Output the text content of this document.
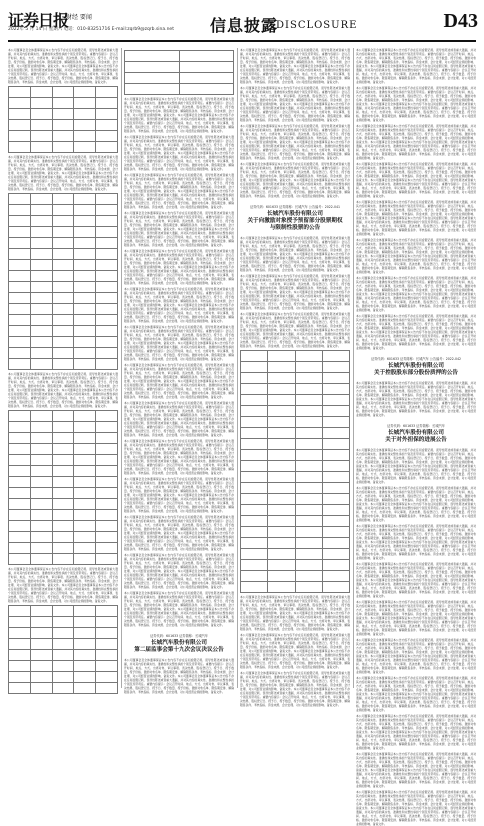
证券日报
财经 要闻
2022年 5 月 14 日 星期六 电话：010-83251716 E-mail:zqrb9@zqrb.sina.net 信息披露
DISCLOSURE	D43

本公司董事会及全体董事保证本公告内容不存在任何虚假记载、误导性陈述或者重大遗漏，并对其内容的真实性、准确性和完整性承担个别及连带责任。重要内容提示：会议召开时间、地点、方式、出席对象、审议事项、表决结果、股权登记日、授予日、授予数量、授予价格、激励对象名单、限售期安排、解除限售条件、考核指标、资金来源、会计处理、对公司经营业绩的影响、备查文件。本公司董事会及全体董事保证本公告内容不存在任何虚假记载、误导性陈述或者重大遗漏，并对其内容的真实性、准确性和完整性承担个别及连带责任。重要内容提示：会议召开时间、地点、方式、出席对象、审议事项、表决结果、股权登记日、授予日、授予数量、授予价格、激励对象名单、限售期安排、解除限售条件、考核指标、资金来源、会计处理、对公司经营业绩的影响、备查文件。

本公司董事会及全体董事保证本公告内容不存在任何虚假记载、误导性陈述或者重大遗漏，并对其内容的真实性、准确性和完整性承担个别及连带责任。重要内容提示：会议召开时间、地点、方式、出席对象、审议事项、表决结果、股权登记日、授予日、授予数量、授予价格、激励对象名单、限售期安排、解除限售条件、考核指标、资金来源、会计处理、对公司经营业绩的影响、备查文件。本公司董事会及全体董事保证本公告内容不存在任何虚假记载、误导性陈述或者重大遗漏，并对其内容的真实性、准确性和完整性承担个别及连带责任。重要内容提示：会议召开时间、地点、方式、出席对象、审议事项、表决结果、股权登记日、授予日、授予数量、授予价格、激励对象名单、限售期安排、解除限售条件、考核指标、资金来源、会计处理、对公司经营业绩的影响、备查文件。

本公司董事会及全体董事保证本公告内容不存在任何虚假记载、误导性陈述或者重大遗漏，并对其内容的真实性、准确性和完整性承担个别及连带责任。重要内容提示：会议召开时间、地点、方式、出席对象、审议事项、表决结果、股权登记日、授予日、授予数量、授予价格、激励对象名单、限售期安排、解除限售条件、考核指标、资金来源、会计处理、对公司经营业绩的影响、备查文件。本公司董事会及全体董事保证本公告内容不存在任何虚假记载、误导性陈述或者重大遗漏，并对其内容的真实性、准确性和完整性承担个别及连带责任。重要内容提示：会议召开时间、地点、方式、出席对象、审议事项、表决结果、股权登记日、授予日、授予数量、授予价格、激励对象名单、限售期安排、解除限售条件、考核指标、资金来源、会计处理、对公司经营业绩的影响、备查文件。

本公司董事会及全体董事保证本公告内容不存在任何虚假记载、误导性陈述或者重大遗漏，并对其内容的真实性、准确性和完整性承担个别及连带责任。重要内容提示：会议召开时间、地点、方式、出席对象、审议事项、表决结果、股权登记日、授予日、授予数量、授予价格、激励对象名单、限售期安排、解除限售条件、考核指标、资金来源、会计处理、对公司经营业绩的影响、备查文件。本公司董事会及全体董事保证本公告内容不存在任何虚假记载、误导性陈述或者重大遗漏，并对其内容的真实性、准确性和完整性承担个别及连带责任。重要内容提示：会议召开时间、地点、方式、出席对象、审议事项、表决结果、股权登记日、授予日、授予数量、授予价格、激励对象名单、限售期安排、解除限售条件、考核指标、资金来源、会计处理、对公司经营业绩的影响、备查文件。

本公司董事会及全体董事保证本公告内容不存在任何虚假记载、误导性陈述或者重大遗漏，并对其内容的真实性、准确性和完整性承担个别及连带责任。重要内容提示：会议召开时间、地点、方式、出席对象、审议事项、表决结果、股权登记日、授予日、授予数量、授予价格、激励对象名单、限售期安排、解除限售条件、考核指标、资金来源、会计处理、对公司经营业绩的影响、备查文件。本公司董事会及全体董事保证本公告内容不存在任何虚假记载、误导性陈述或者重大遗漏，并对其内容的真实性、准确性和完整性承担个别及连带责任。重要内容提示：会议召开时间、地点、方式、出席对象、审议事项、表决结果、股权登记日、授予日、授予数量、授予价格、激励对象名单、限售期安排、解除限售条件、考核指标、资金来源、会计处理、对公司经营业绩的影响、备查文件。

本公司董事会及全体董事保证本公告内容不存在任何虚假记载、误导性陈述或者重大遗漏，并对其内容的真实性、准确性和完整性承担个别及连带责任。重要内容提示：会议召开时间、地点、方式、出席对象、审议事项、表决结果、股权登记日、授予日、授予数量、授予价格、激励对象名单、限售期安排、解除限售条件、考核指标、资金来源、会计处理、对公司经营业绩的影响、备查文件。本公司董事会及全体董事保证本公告内容不存在任何虚假记载、误导性陈述或者重大遗漏，并对其内容的真实性、准确性和完整性承担个别及连带责任。重要内容提示：会议召开时间、地点、方式、出席对象、审议事项、表决结果、股权登记日、授予日、授予数量、授予价格、激励对象名单、限售期安排、解除限售条件、考核指标、资金来源、会计处理、对公司经营业绩的影响、备查文件。

本公司董事会及全体董事保证本公告内容不存在任何虚假记载、误导性陈述或者重大遗漏，并对其内容的真实性、准确性和完整性承担个别及连带责任。重要内容提示：会议召开时间、地点、方式、出席对象、审议事项、表决结果、股权登记日、授予日、授予数量、授予价格、激励对象名单、限售期安排、解除限售条件、考核指标、资金来源、会计处理、对公司经营业绩的影响、备查文件。本公司董事会及全体董事保证本公告内容不存在任何虚假记载、误导性陈述或者重大遗漏，并对其内容的真实性、准确性和完整性承担个别及连带责任。重要内容提示：会议召开时间、地点、方式、出席对象、审议事项、表决结果、股权登记日、授予日、授予数量、授予价格、激励对象名单、限售期安排、解除限售条件、考核指标、资金来源、会计处理、对公司经营业绩的影响、备查文件。

本公司董事会及全体董事保证本公告内容不存在任何虚假记载、误导性陈述或者重大遗漏，并对其内容的真实性、准确性和完整性承担个别及连带责任。重要内容提示：会议召开时间、地点、方式、出席对象、审议事项、表决结果、股权登记日、授予日、授予数量、授予价格、激励对象名单、限售期安排、解除限售条件、考核指标、资金来源、会计处理、对公司经营业绩的影响、备查文件。本公司董事会及全体董事保证本公告内容不存在任何虚假记载、误导性陈述或者重大遗漏，并对其内容的真实性、准确性和完整性承担个别及连带责任。重要内容提示：会议召开时间、地点、方式、出席对象、审议事项、表决结果、股权登记日、授予日、授予数量、授予价格、激励对象名单、限售期安排、解除限售条件、考核指标、资金来源、会计处理、对公司经营业绩的影响、备查文件。

本公司董事会及全体董事保证本公告内容不存在任何虚假记载、误导性陈述或者重大遗漏，并对其内容的真实性、准确性和完整性承担个别及连带责任。重要内容提示：会议召开时间、地点、方式、出席对象、审议事项、表决结果、股权登记日、授予日、授予数量、授予价格、激励对象名单、限售期安排、解除限售条件、考核指标、资金来源、会计处理、对公司经营业绩的影响、备查文件。本公司董事会及全体董事保证本公告内容不存在任何虚假记载、误导性陈述或者重大遗漏，并对其内容的真实性、准确性和完整性承担个别及连带责任。重要内容提示：会议召开时间、地点、方式、出席对象、审议事项、表决结果、股权登记日、授予日、授予数量、授予价格、激励对象名单、限售期安排、解除限售条件、考核指标、资金来源、会计处理、对公司经营业绩的影响、备查文件。

本公司董事会及全体董事保证本公告内容不存在任何虚假记载、误导性陈述或者重大遗漏，并对其内容的真实性、准确性和完整性承担个别及连带责任。重要内容提示：会议召开时间、地点、方式、出席对象、审议事项、表决结果、股权登记日、授予日、授予数量、授予价格、激励对象名单、限售期安排、解除限售条件、考核指标、资金来源、会计处理、对公司经营业绩的影响、备查文件。本公司董事会及全体董事保证本公告内容不存在任何虚假记载、误导性陈述或者重大遗漏，并对其内容的真实性、准确性和完整性承担个别及连带责任。重要内容提示：会议召开时间、地点、方式、出席对象、审议事项、表决结果、股权登记日、授予日、授予数量、授予价格、激励对象名单、限售期安排、解除限售条件、考核指标、资金来源、会计处理、对公司经营业绩的影响、备查文件。

本公司董事会及全体董事保证本公告内容不存在任何虚假记载、误导性陈述或者重大遗漏，并对其内容的真实性、准确性和完整性承担个别及连带责任。重要内容提示：会议召开时间、地点、方式、出席对象、审议事项、表决结果、股权登记日、授予日、授予数量、授予价格、激励对象名单、限售期安排、解除限售条件、考核指标、资金来源、会计处理、对公司经营业绩的影响、备查文件。本公司董事会及全体董事保证本公告内容不存在任何虚假记载、误导性陈述或者重大遗漏，并对其内容的真实性、准确性和完整性承担个别及连带责任。重要内容提示：会议召开时间、地点、方式、出席对象、审议事项、表决结果、股权登记日、授予日、授予数量、授予价格、激励对象名单、限售期安排、解除限售条件、考核指标、资金来源、会计处理、对公司经营业绩的影响、备查文件。

本公司董事会及全体董事保证本公告内容不存在任何虚假记载、误导性陈述或者重大遗漏，并对其内容的真实性、准确性和完整性承担个别及连带责任。重要内容提示：会议召开时间、地点、方式、出席对象、审议事项、表决结果、股权登记日、授予日、授予数量、授予价格、激励对象名单、限售期安排、解除限售条件、考核指标、资金来源、会计处理、对公司经营业绩的影响、备查文件。本公司董事会及全体董事保证本公告内容不存在任何虚假记载、误导性陈述或者重大遗漏，并对其内容的真实性、准确性和完整性承担个别及连带责任。重要内容提示：会议召开时间、地点、方式、出席对象、审议事项、表决结果、股权登记日、授予日、授予数量、授予价格、激励对象名单、限售期安排、解除限售条件、考核指标、资金来源、会计处理、对公司经营业绩的影响、备查文件。

本公司董事会及全体董事保证本公告内容不存在任何虚假记载、误导性陈述或者重大遗漏，并对其内容的真实性、准确性和完整性承担个别及连带责任。重要内容提示：会议召开时间、地点、方式、出席对象、审议事项、表决结果、股权登记日、授予日、授予数量、授予价格、激励对象名单、限售期安排、解除限售条件、考核指标、资金来源、会计处理、对公司经营业绩的影响、备查文件。本公司董事会及全体董事保证本公告内容不存在任何虚假记载、误导性陈述或者重大遗漏，并对其内容的真实性、准确性和完整性承担个别及连带责任。重要内容提示：会议召开时间、地点、方式、出席对象、审议事项、表决结果、股权登记日、授予日、授予数量、授予价格、激励对象名单、限售期安排、解除限售条件、考核指标、资金来源、会计处理、对公司经营业绩的影响、备查文件。

本公司董事会及全体董事保证本公告内容不存在任何虚假记载、误导性陈述或者重大遗漏，并对其内容的真实性、准确性和完整性承担个别及连带责任。重要内容提示：会议召开时间、地点、方式、出席对象、审议事项、表决结果、股权登记日、授予日、授予数量、授予价格、激励对象名单、限售期安排、解除限售条件、考核指标、资金来源、会计处理、对公司经营业绩的影响、备查文件。本公司董事会及全体董事保证本公告内容不存在任何虚假记载、误导性陈述或者重大遗漏，并对其内容的真实性、准确性和完整性承担个别及连带责任。重要内容提示：会议召开时间、地点、方式、出席对象、审议事项、表决结果、股权登记日、授予日、授予数量、授予价格、激励对象名单、限售期安排、解除限售条件、考核指标、资金来源、会计处理、对公司经营业绩的影响、备查文件。

本公司董事会及全体董事保证本公告内容不存在任何虚假记载、误导性陈述或者重大遗漏，并对其内容的真实性、准确性和完整性承担个别及连带责任。重要内容提示：会议召开时间、地点、方式、出席对象、审议事项、表决结果、股权登记日、授予日、授予数量、授予价格、激励对象名单、限售期安排、解除限售条件、考核指标、资金来源、会计处理、对公司经营业绩的影响、备查文件。本公司董事会及全体董事保证本公告内容不存在任何虚假记载、误导性陈述或者重大遗漏，并对其内容的真实性、准确性和完整性承担个别及连带责任。重要内容提示：会议召开时间、地点、方式、出席对象、审议事项、表决结果、股权登记日、授予日、授予数量、授予价格、激励对象名单、限售期安排、解除限售条件、考核指标、资金来源、会计处理、对公司经营业绩的影响、备查文件。

本公司董事会及全体董事保证本公告内容不存在任何虚假记载、误导性陈述或者重大遗漏，并对其内容的真实性、准确性和完整性承担个别及连带责任。重要内容提示：会议召开时间、地点、方式、出席对象、审议事项、表决结果、股权登记日、授予日、授予数量、授予价格、激励对象名单、限售期安排、解除限售条件、考核指标、资金来源、会计处理、对公司经营业绩的影响、备查文件。本公司董事会及全体董事保证本公告内容不存在任何虚假记载、误导性陈述或者重大遗漏，并对其内容的真实性、准确性和完整性承担个别及连带责任。重要内容提示：会议召开时间、地点、方式、出席对象、审议事项、表决结果、股权登记日、授予日、授予数量、授予价格、激励对象名单、限售期安排、解除限售条件、考核指标、资金来源、会计处理、对公司经营业绩的影响、备查文件。

本公司董事会及全体董事保证本公告内容不存在任何虚假记载、误导性陈述或者重大遗漏，并对其内容的真实性、准确性和完整性承担个别及连带责任。重要内容提示：会议召开时间、地点、方式、出席对象、审议事项、表决结果、股权登记日、授予日、授予数量、授予价格、激励对象名单、限售期安排、解除限售条件、考核指标、资金来源、会计处理、对公司经营业绩的影响、备查文件。本公司董事会及全体董事保证本公告内容不存在任何虚假记载、误导性陈述或者重大遗漏，并对其内容的真实性、准确性和完整性承担个别及连带责任。重要内容提示：会议召开时间、地点、方式、出席对象、审议事项、表决结果、股权登记日、授予日、授予数量、授予价格、激励对象名单、限售期安排、解除限售条件、考核指标、资金来源、会计处理、对公司经营业绩的影响、备查文件。

本公司董事会及全体董事保证本公告内容不存在任何虚假记载、误导性陈述或者重大遗漏，并对其内容的真实性、准确性和完整性承担个别及连带责任。重要内容提示：会议召开时间、地点、方式、出席对象、审议事项、表决结果、股权登记日、授予日、授予数量、授予价格、激励对象名单、限售期安排、解除限售条件、考核指标、资金来源、会计处理、对公司经营业绩的影响、备查文件。本公司董事会及全体董事保证本公告内容不存在任何虚假记载、误导性陈述或者重大遗漏，并对其内容的真实性、准确性和完整性承担个别及连带责任。重要内容提示：会议召开时间、地点、方式、出席对象、审议事项、表决结果、股权登记日、授予日、授予数量、授予价格、激励对象名单、限售期安排、解除限售条件、考核指标、资金来源、会计处理、对公司经营业绩的影响、备查文件。

证券代码：601633 证券简称：长城汽车
长城汽车股份有限公司
第二届监事会第十九次会议决议公告

本公司董事会及全体董事保证本公告内容不存在任何虚假记载、误导性陈述或者重大遗漏，并对其内容的真实性、准确性和完整性承担个别及连带责任。重要内容提示：会议召开时间、地点、方式、出席对象、审议事项、表决结果、股权登记日、授予日、授予数量、授予价格、激励对象名单、限售期安排、解除限售条件、考核指标、资金来源、会计处理、对公司经营业绩的影响、备查文件。本公司董事会及全体董事保证本公告内容不存在任何虚假记载、误导性陈述或者重大遗漏，并对其内容的真实性、准确性和完整性承担个别及连带责任。重要内容提示：会议召开时间、地点、方式、出席对象、审议事项、表决结果、股权登记日、授予日、授予数量、授予价格、激励对象名单、限售期安排、解除限售条件、考核指标、资金来源、会计处理、对公司经营业绩的影响、备查文件。

本公司董事会及全体董事保证本公告内容不存在任何虚假记载、误导性陈述或者重大遗漏，并对其内容的真实性、准确性和完整性承担个别及连带责任。重要内容提示：会议召开时间、地点、方式、出席对象、审议事项、表决结果、股权登记日、授予日、授予数量、授予价格、激励对象名单、限售期安排、解除限售条件、考核指标、资金来源、会计处理、对公司经营业绩的影响、备查文件。本公司董事会及全体董事保证本公告内容不存在任何虚假记载、误导性陈述或者重大遗漏，并对其内容的真实性、准确性和完整性承担个别及连带责任。重要内容提示：会议召开时间、地点、方式、出席对象、审议事项、表决结果、股权登记日、授予日、授予数量、授予价格、激励对象名单、限售期安排、解除限售条件、考核指标、资金来源、会计处理、对公司经营业绩的影响、备查文件。

本公司董事会及全体董事保证本公告内容不存在任何虚假记载、误导性陈述或者重大遗漏，并对其内容的真实性、准确性和完整性承担个别及连带责任。重要内容提示：会议召开时间、地点、方式、出席对象、审议事项、表决结果、股权登记日、授予日、授予数量、授予价格、激励对象名单、限售期安排、解除限售条件、考核指标、资金来源、会计处理、对公司经营业绩的影响、备查文件。本公司董事会及全体董事保证本公告内容不存在任何虚假记载、误导性陈述或者重大遗漏，并对其内容的真实性、准确性和完整性承担个别及连带责任。重要内容提示：会议召开时间、地点、方式、出席对象、审议事项、表决结果、股权登记日、授予日、授予数量、授予价格、激励对象名单、限售期安排、解除限售条件、考核指标、资金来源、会计处理、对公司经营业绩的影响、备查文件。

本公司董事会及全体董事保证本公告内容不存在任何虚假记载、误导性陈述或者重大遗漏，并对其内容的真实性、准确性和完整性承担个别及连带责任。重要内容提示：会议召开时间、地点、方式、出席对象、审议事项、表决结果、股权登记日、授予日、授予数量、授予价格、激励对象名单、限售期安排、解除限售条件、考核指标、资金来源、会计处理、对公司经营业绩的影响、备查文件。本公司董事会及全体董事保证本公告内容不存在任何虚假记载、误导性陈述或者重大遗漏，并对其内容的真实性、准确性和完整性承担个别及连带责任。重要内容提示：会议召开时间、地点、方式、出席对象、审议事项、表决结果、股权登记日、授予日、授予数量、授予价格、激励对象名单、限售期安排、解除限售条件、考核指标、资金来源、会计处理、对公司经营业绩的影响、备查文件。

本公司董事会及全体董事保证本公告内容不存在任何虚假记载、误导性陈述或者重大遗漏，并对其内容的真实性、准确性和完整性承担个别及连带责任。重要内容提示：会议召开时间、地点、方式、出席对象、审议事项、表决结果、股权登记日、授予日、授予数量、授予价格、激励对象名单、限售期安排、解除限售条件、考核指标、资金来源、会计处理、对公司经营业绩的影响、备查文件。本公司董事会及全体董事保证本公告内容不存在任何虚假记载、误导性陈述或者重大遗漏，并对其内容的真实性、准确性和完整性承担个别及连带责任。重要内容提示：会议召开时间、地点、方式、出席对象、审议事项、表决结果、股权登记日、授予日、授予数量、授予价格、激励对象名单、限售期安排、解除限售条件、考核指标、资金来源、会计处理、对公司经营业绩的影响、备查文件。

证券代码：601633 证券简称：长城汽车 公告编号：2022-041
长城汽车股份有限公司
关于向激励对象授予预留部分股票期权
与限制性股票的公告

本公司董事会及全体董事保证本公告内容不存在任何虚假记载、误导性陈述或者重大遗漏，并对其内容的真实性、准确性和完整性承担个别及连带责任。重要内容提示：会议召开时间、地点、方式、出席对象、审议事项、表决结果、股权登记日、授予日、授予数量、授予价格、激励对象名单、限售期安排、解除限售条件、考核指标、资金来源、会计处理、对公司经营业绩的影响、备查文件。本公司董事会及全体董事保证本公告内容不存在任何虚假记载、误导性陈述或者重大遗漏，并对其内容的真实性、准确性和完整性承担个别及连带责任。重要内容提示：会议召开时间、地点、方式、出席对象、审议事项、表决结果、股权登记日、授予日、授予数量、授予价格、激励对象名单、限售期安排、解除限售条件、考核指标、资金来源、会计处理、对公司经营业绩的影响、备查文件。

本公司董事会及全体董事保证本公告内容不存在任何虚假记载、误导性陈述或者重大遗漏，并对其内容的真实性、准确性和完整性承担个别及连带责任。重要内容提示：会议召开时间、地点、方式、出席对象、审议事项、表决结果、股权登记日、授予日、授予数量、授予价格、激励对象名单、限售期安排、解除限售条件、考核指标、资金来源、会计处理、对公司经营业绩的影响、备查文件。本公司董事会及全体董事保证本公告内容不存在任何虚假记载、误导性陈述或者重大遗漏，并对其内容的真实性、准确性和完整性承担个别及连带责任。重要内容提示：会议召开时间、地点、方式、出席对象、审议事项、表决结果、股权登记日、授予日、授予数量、授予价格、激励对象名单、限售期安排、解除限售条件、考核指标、资金来源、会计处理、对公司经营业绩的影响、备查文件。

本公司董事会及全体董事保证本公告内容不存在任何虚假记载、误导性陈述或者重大遗漏，并对其内容的真实性、准确性和完整性承担个别及连带责任。重要内容提示：会议召开时间、地点、方式、出席对象、审议事项、表决结果、股权登记日、授予日、授予数量、授予价格、激励对象名单、限售期安排、解除限售条件、考核指标、资金来源、会计处理、对公司经营业绩的影响、备查文件。本公司董事会及全体董事保证本公告内容不存在任何虚假记载、误导性陈述或者重大遗漏，并对其内容的真实性、准确性和完整性承担个别及连带责任。重要内容提示：会议召开时间、地点、方式、出席对象、审议事项、表决结果、股权登记日、授予日、授予数量、授予价格、激励对象名单、限售期安排、解除限售条件、考核指标、资金来源、会计处理、对公司经营业绩的影响、备查文件。

本公司董事会及全体董事保证本公告内容不存在任何虚假记载、误导性陈述或者重大遗漏，并对其内容的真实性、准确性和完整性承担个别及连带责任。重要内容提示：会议召开时间、地点、方式、出席对象、审议事项、表决结果、股权登记日、授予日、授予数量、授予价格、激励对象名单、限售期安排、解除限售条件、考核指标、资金来源、会计处理、对公司经营业绩的影响、备查文件。本公司董事会及全体董事保证本公告内容不存在任何虚假记载、误导性陈述或者重大遗漏，并对其内容的真实性、准确性和完整性承担个别及连带责任。重要内容提示：会议召开时间、地点、方式、出席对象、审议事项、表决结果、股权登记日、授予日、授予数量、授予价格、激励对象名单、限售期安排、解除限售条件、考核指标、资金来源、会计处理、对公司经营业绩的影响、备查文件。

本公司董事会及全体董事保证本公告内容不存在任何虚假记载、误导性陈述或者重大遗漏，并对其内容的真实性、准确性和完整性承担个别及连带责任。重要内容提示：会议召开时间、地点、方式、出席对象、审议事项、表决结果、股权登记日、授予日、授予数量、授予价格、激励对象名单、限售期安排、解除限售条件、考核指标、资金来源、会计处理、对公司经营业绩的影响、备查文件。本公司董事会及全体董事保证本公告内容不存在任何虚假记载、误导性陈述或者重大遗漏，并对其内容的真实性、准确性和完整性承担个别及连带责任。重要内容提示：会议召开时间、地点、方式、出席对象、审议事项、表决结果、股权登记日、授予日、授予数量、授予价格、激励对象名单、限售期安排、解除限售条件、考核指标、资金来源、会计处理、对公司经营业绩的影响、备查文件。

本公司董事会及全体董事保证本公告内容不存在任何虚假记载、误导性陈述或者重大遗漏，并对其内容的真实性、准确性和完整性承担个别及连带责任。重要内容提示：会议召开时间、地点、方式、出席对象、审议事项、表决结果、股权登记日、授予日、授予数量、授予价格、激励对象名单、限售期安排、解除限售条件、考核指标、资金来源、会计处理、对公司经营业绩的影响、备查文件。本公司董事会及全体董事保证本公告内容不存在任何虚假记载、误导性陈述或者重大遗漏，并对其内容的真实性、准确性和完整性承担个别及连带责任。重要内容提示：会议召开时间、地点、方式、出席对象、审议事项、表决结果、股权登记日、授予日、授予数量、授予价格、激励对象名单、限售期安排、解除限售条件、考核指标、资金来源、会计处理、对公司经营业绩的影响、备查文件。

本公司董事会及全体董事保证本公告内容不存在任何虚假记载、误导性陈述或者重大遗漏，并对其内容的真实性、准确性和完整性承担个别及连带责任。重要内容提示：会议召开时间、地点、方式、出席对象、审议事项、表决结果、股权登记日、授予日、授予数量、授予价格、激励对象名单、限售期安排、解除限售条件、考核指标、资金来源、会计处理、对公司经营业绩的影响、备查文件。本公司董事会及全体董事保证本公告内容不存在任何虚假记载、误导性陈述或者重大遗漏，并对其内容的真实性、准确性和完整性承担个别及连带责任。重要内容提示：会议召开时间、地点、方式、出席对象、审议事项、表决结果、股权登记日、授予日、授予数量、授予价格、激励对象名单、限售期安排、解除限售条件、考核指标、资金来源、会计处理、对公司经营业绩的影响、备查文件。

本公司董事会及全体董事保证本公告内容不存在任何虚假记载、误导性陈述或者重大遗漏，并对其内容的真实性、准确性和完整性承担个别及连带责任。重要内容提示：会议召开时间、地点、方式、出席对象、审议事项、表决结果、股权登记日、授予日、授予数量、授予价格、激励对象名单、限售期安排、解除限售条件、考核指标、资金来源、会计处理、对公司经营业绩的影响、备查文件。本公司董事会及全体董事保证本公告内容不存在任何虚假记载、误导性陈述或者重大遗漏，并对其内容的真实性、准确性和完整性承担个别及连带责任。重要内容提示：会议召开时间、地点、方式、出席对象、审议事项、表决结果、股权登记日、授予日、授予数量、授予价格、激励对象名单、限售期安排、解除限售条件、考核指标、资金来源、会计处理、对公司经营业绩的影响、备查文件。

本公司董事会及全体董事保证本公告内容不存在任何虚假记载、误导性陈述或者重大遗漏，并对其内容的真实性、准确性和完整性承担个别及连带责任。重要内容提示：会议召开时间、地点、方式、出席对象、审议事项、表决结果、股权登记日、授予日、授予数量、授予价格、激励对象名单、限售期安排、解除限售条件、考核指标、资金来源、会计处理、对公司经营业绩的影响、备查文件。本公司董事会及全体董事保证本公告内容不存在任何虚假记载、误导性陈述或者重大遗漏，并对其内容的真实性、准确性和完整性承担个别及连带责任。重要内容提示：会议召开时间、地点、方式、出席对象、审议事项、表决结果、股权登记日、授予日、授予数量、授予价格、激励对象名单、限售期安排、解除限售条件、考核指标、资金来源、会计处理、对公司经营业绩的影响、备查文件。

本公司董事会及全体董事保证本公告内容不存在任何虚假记载、误导性陈述或者重大遗漏，并对其内容的真实性、准确性和完整性承担个别及连带责任。重要内容提示：会议召开时间、地点、方式、出席对象、审议事项、表决结果、股权登记日、授予日、授予数量、授予价格、激励对象名单、限售期安排、解除限售条件、考核指标、资金来源、会计处理、对公司经营业绩的影响、备查文件。本公司董事会及全体董事保证本公告内容不存在任何虚假记载、误导性陈述或者重大遗漏，并对其内容的真实性、准确性和完整性承担个别及连带责任。重要内容提示：会议召开时间、地点、方式、出席对象、审议事项、表决结果、股权登记日、授予日、授予数量、授予价格、激励对象名单、限售期安排、解除限售条件、考核指标、资金来源、会计处理、对公司经营业绩的影响、备查文件。

本公司董事会及全体董事保证本公告内容不存在任何虚假记载、误导性陈述或者重大遗漏，并对其内容的真实性、准确性和完整性承担个别及连带责任。重要内容提示：会议召开时间、地点、方式、出席对象、审议事项、表决结果、股权登记日、授予日、授予数量、授予价格、激励对象名单、限售期安排、解除限售条件、考核指标、资金来源、会计处理、对公司经营业绩的影响、备查文件。本公司董事会及全体董事保证本公告内容不存在任何虚假记载、误导性陈述或者重大遗漏，并对其内容的真实性、准确性和完整性承担个别及连带责任。重要内容提示：会议召开时间、地点、方式、出席对象、审议事项、表决结果、股权登记日、授予日、授予数量、授予价格、激励对象名单、限售期安排、解除限售条件、考核指标、资金来源、会计处理、对公司经营业绩的影响、备查文件。

本公司董事会及全体董事保证本公告内容不存在任何虚假记载、误导性陈述或者重大遗漏，并对其内容的真实性、准确性和完整性承担个别及连带责任。重要内容提示：会议召开时间、地点、方式、出席对象、审议事项、表决结果、股权登记日、授予日、授予数量、授予价格、激励对象名单、限售期安排、解除限售条件、考核指标、资金来源、会计处理、对公司经营业绩的影响、备查文件。本公司董事会及全体董事保证本公告内容不存在任何虚假记载、误导性陈述或者重大遗漏，并对其内容的真实性、准确性和完整性承担个别及连带责任。重要内容提示：会议召开时间、地点、方式、出席对象、审议事项、表决结果、股权登记日、授予日、授予数量、授予价格、激励对象名单、限售期安排、解除限售条件、考核指标、资金来源、会计处理、对公司经营业绩的影响、备查文件。

本公司董事会及全体董事保证本公告内容不存在任何虚假记载、误导性陈述或者重大遗漏，并对其内容的真实性、准确性和完整性承担个别及连带责任。重要内容提示：会议召开时间、地点、方式、出席对象、审议事项、表决结果、股权登记日、授予日、授予数量、授予价格、激励对象名单、限售期安排、解除限售条件、考核指标、资金来源、会计处理、对公司经营业绩的影响、备查文件。本公司董事会及全体董事保证本公告内容不存在任何虚假记载、误导性陈述或者重大遗漏，并对其内容的真实性、准确性和完整性承担个别及连带责任。重要内容提示：会议召开时间、地点、方式、出席对象、审议事项、表决结果、股权登记日、授予日、授予数量、授予价格、激励对象名单、限售期安排、解除限售条件、考核指标、资金来源、会计处理、对公司经营业绩的影响、备查文件。

本公司董事会及全体董事保证本公告内容不存在任何虚假记载、误导性陈述或者重大遗漏，并对其内容的真实性、准确性和完整性承担个别及连带责任。重要内容提示：会议召开时间、地点、方式、出席对象、审议事项、表决结果、股权登记日、授予日、授予数量、授予价格、激励对象名单、限售期安排、解除限售条件、考核指标、资金来源、会计处理、对公司经营业绩的影响、备查文件。本公司董事会及全体董事保证本公告内容不存在任何虚假记载、误导性陈述或者重大遗漏，并对其内容的真实性、准确性和完整性承担个别及连带责任。重要内容提示：会议召开时间、地点、方式、出席对象、审议事项、表决结果、股权登记日、授予日、授予数量、授予价格、激励对象名单、限售期安排、解除限售条件、考核指标、资金来源、会计处理、对公司经营业绩的影响、备查文件。

证券代码：601633 证券简称：长城汽车 公告编号：2022-042
长城汽车股份有限公司
关于控股股东部分股份质押的公告

本公司董事会及全体董事保证本公告内容不存在任何虚假记载、误导性陈述或者重大遗漏，并对其内容的真实性、准确性和完整性承担个别及连带责任。重要内容提示：会议召开时间、地点、方式、出席对象、审议事项、表决结果、股权登记日、授予日、授予数量、授予价格、激励对象名单、限售期安排、解除限售条件、考核指标、资金来源、会计处理、对公司经营业绩的影响、备查文件。本公司董事会及全体董事保证本公告内容不存在任何虚假记载、误导性陈述或者重大遗漏，并对其内容的真实性、准确性和完整性承担个别及连带责任。重要内容提示：会议召开时间、地点、方式、出席对象、审议事项、表决结果、股权登记日、授予日、授予数量、授予价格、激励对象名单、限售期安排、解除限售条件、考核指标、资金来源、会计处理、对公司经营业绩的影响、备查文件。

证券代码：601633 证券简称：长城汽车
长城汽车股份有限公司
关于对外担保的进展公告

本公司董事会及全体董事保证本公告内容不存在任何虚假记载、误导性陈述或者重大遗漏，并对其内容的真实性、准确性和完整性承担个别及连带责任。重要内容提示：会议召开时间、地点、方式、出席对象、审议事项、表决结果、股权登记日、授予日、授予数量、授予价格、激励对象名单、限售期安排、解除限售条件、考核指标、资金来源、会计处理、对公司经营业绩的影响、备查文件。本公司董事会及全体董事保证本公告内容不存在任何虚假记载、误导性陈述或者重大遗漏，并对其内容的真实性、准确性和完整性承担个别及连带责任。重要内容提示：会议召开时间、地点、方式、出席对象、审议事项、表决结果、股权登记日、授予日、授予数量、授予价格、激励对象名单、限售期安排、解除限售条件、考核指标、资金来源、会计处理、对公司经营业绩的影响、备查文件。

本公司董事会及全体董事保证本公告内容不存在任何虚假记载、误导性陈述或者重大遗漏，并对其内容的真实性、准确性和完整性承担个别及连带责任。重要内容提示：会议召开时间、地点、方式、出席对象、审议事项、表决结果、股权登记日、授予日、授予数量、授予价格、激励对象名单、限售期安排、解除限售条件、考核指标、资金来源、会计处理、对公司经营业绩的影响、备查文件。本公司董事会及全体董事保证本公告内容不存在任何虚假记载、误导性陈述或者重大遗漏，并对其内容的真实性、准确性和完整性承担个别及连带责任。重要内容提示：会议召开时间、地点、方式、出席对象、审议事项、表决结果、股权登记日、授予日、授予数量、授予价格、激励对象名单、限售期安排、解除限售条件、考核指标、资金来源、会计处理、对公司经营业绩的影响、备查文件。

本公司董事会及全体董事保证本公告内容不存在任何虚假记载、误导性陈述或者重大遗漏，并对其内容的真实性、准确性和完整性承担个别及连带责任。重要内容提示：会议召开时间、地点、方式、出席对象、审议事项、表决结果、股权登记日、授予日、授予数量、授予价格、激励对象名单、限售期安排、解除限售条件、考核指标、资金来源、会计处理、对公司经营业绩的影响、备查文件。本公司董事会及全体董事保证本公告内容不存在任何虚假记载、误导性陈述或者重大遗漏，并对其内容的真实性、准确性和完整性承担个别及连带责任。重要内容提示：会议召开时间、地点、方式、出席对象、审议事项、表决结果、股权登记日、授予日、授予数量、授予价格、激励对象名单、限售期安排、解除限售条件、考核指标、资金来源、会计处理、对公司经营业绩的影响、备查文件。

本公司董事会及全体董事保证本公告内容不存在任何虚假记载、误导性陈述或者重大遗漏，并对其内容的真实性、准确性和完整性承担个别及连带责任。重要内容提示：会议召开时间、地点、方式、出席对象、审议事项、表决结果、股权登记日、授予日、授予数量、授予价格、激励对象名单、限售期安排、解除限售条件、考核指标、资金来源、会计处理、对公司经营业绩的影响、备查文件。本公司董事会及全体董事保证本公告内容不存在任何虚假记载、误导性陈述或者重大遗漏，并对其内容的真实性、准确性和完整性承担个别及连带责任。重要内容提示：会议召开时间、地点、方式、出席对象、审议事项、表决结果、股权登记日、授予日、授予数量、授予价格、激励对象名单、限售期安排、解除限售条件、考核指标、资金来源、会计处理、对公司经营业绩的影响、备查文件。

本公司董事会及全体董事保证本公告内容不存在任何虚假记载、误导性陈述或者重大遗漏，并对其内容的真实性、准确性和完整性承担个别及连带责任。重要内容提示：会议召开时间、地点、方式、出席对象、审议事项、表决结果、股权登记日、授予日、授予数量、授予价格、激励对象名单、限售期安排、解除限售条件、考核指标、资金来源、会计处理、对公司经营业绩的影响、备查文件。本公司董事会及全体董事保证本公告内容不存在任何虚假记载、误导性陈述或者重大遗漏，并对其内容的真实性、准确性和完整性承担个别及连带责任。重要内容提示：会议召开时间、地点、方式、出席对象、审议事项、表决结果、股权登记日、授予日、授予数量、授予价格、激励对象名单、限售期安排、解除限售条件、考核指标、资金来源、会计处理、对公司经营业绩的影响、备查文件。

本公司董事会及全体董事保证本公告内容不存在任何虚假记载、误导性陈述或者重大遗漏，并对其内容的真实性、准确性和完整性承担个别及连带责任。重要内容提示：会议召开时间、地点、方式、出席对象、审议事项、表决结果、股权登记日、授予日、授予数量、授予价格、激励对象名单、限售期安排、解除限售条件、考核指标、资金来源、会计处理、对公司经营业绩的影响、备查文件。本公司董事会及全体董事保证本公告内容不存在任何虚假记载、误导性陈述或者重大遗漏，并对其内容的真实性、准确性和完整性承担个别及连带责任。重要内容提示：会议召开时间、地点、方式、出席对象、审议事项、表决结果、股权登记日、授予日、授予数量、授予价格、激励对象名单、限售期安排、解除限售条件、考核指标、资金来源、会计处理、对公司经营业绩的影响、备查文件。

本公司董事会及全体董事保证本公告内容不存在任何虚假记载、误导性陈述或者重大遗漏，并对其内容的真实性、准确性和完整性承担个别及连带责任。重要内容提示：会议召开时间、地点、方式、出席对象、审议事项、表决结果、股权登记日、授予日、授予数量、授予价格、激励对象名单、限售期安排、解除限售条件、考核指标、资金来源、会计处理、对公司经营业绩的影响、备查文件。本公司董事会及全体董事保证本公告内容不存在任何虚假记载、误导性陈述或者重大遗漏，并对其内容的真实性、准确性和完整性承担个别及连带责任。重要内容提示：会议召开时间、地点、方式、出席对象、审议事项、表决结果、股权登记日、授予日、授予数量、授予价格、激励对象名单、限售期安排、解除限售条件、考核指标、资金来源、会计处理、对公司经营业绩的影响、备查文件。

本公司董事会及全体董事保证本公告内容不存在任何虚假记载、误导性陈述或者重大遗漏，并对其内容的真实性、准确性和完整性承担个别及连带责任。重要内容提示：会议召开时间、地点、方式、出席对象、审议事项、表决结果、股权登记日、授予日、授予数量、授予价格、激励对象名单、限售期安排、解除限售条件、考核指标、资金来源、会计处理、对公司经营业绩的影响、备查文件。本公司董事会及全体董事保证本公告内容不存在任何虚假记载、误导性陈述或者重大遗漏，并对其内容的真实性、准确性和完整性承担个别及连带责任。重要内容提示：会议召开时间、地点、方式、出席对象、审议事项、表决结果、股权登记日、授予日、授予数量、授予价格、激励对象名单、限售期安排、解除限售条件、考核指标、资金来源、会计处理、对公司经营业绩的影响、备查文件。

本公司董事会及全体董事保证本公告内容不存在任何虚假记载、误导性陈述或者重大遗漏，并对其内容的真实性、准确性和完整性承担个别及连带责任。重要内容提示：会议召开时间、地点、方式、出席对象、审议事项、表决结果、股权登记日、授予日、授予数量、授予价格、激励对象名单、限售期安排、解除限售条件、考核指标、资金来源、会计处理、对公司经营业绩的影响、备查文件。本公司董事会及全体董事保证本公告内容不存在任何虚假记载、误导性陈述或者重大遗漏，并对其内容的真实性、准确性和完整性承担个别及连带责任。重要内容提示：会议召开时间、地点、方式、出席对象、审议事项、表决结果、股权登记日、授予日、授予数量、授予价格、激励对象名单、限售期安排、解除限售条件、考核指标、资金来源、会计处理、对公司经营业绩的影响、备查文件。

本公司董事会及全体董事保证本公告内容不存在任何虚假记载、误导性陈述或者重大遗漏，并对其内容的真实性、准确性和完整性承担个别及连带责任。重要内容提示：会议召开时间、地点、方式、出席对象、审议事项、表决结果、股权登记日、授予日、授予数量、授予价格、激励对象名单、限售期安排、解除限售条件、考核指标、资金来源、会计处理、对公司经营业绩的影响、备查文件。本公司董事会及全体董事保证本公告内容不存在任何虚假记载、误导性陈述或者重大遗漏，并对其内容的真实性、准确性和完整性承担个别及连带责任。重要内容提示：会议召开时间、地点、方式、出席对象、审议事项、表决结果、股权登记日、授予日、授予数量、授予价格、激励对象名单、限售期安排、解除限售条件、考核指标、资金来源、会计处理、对公司经营业绩的影响、备查文件。
